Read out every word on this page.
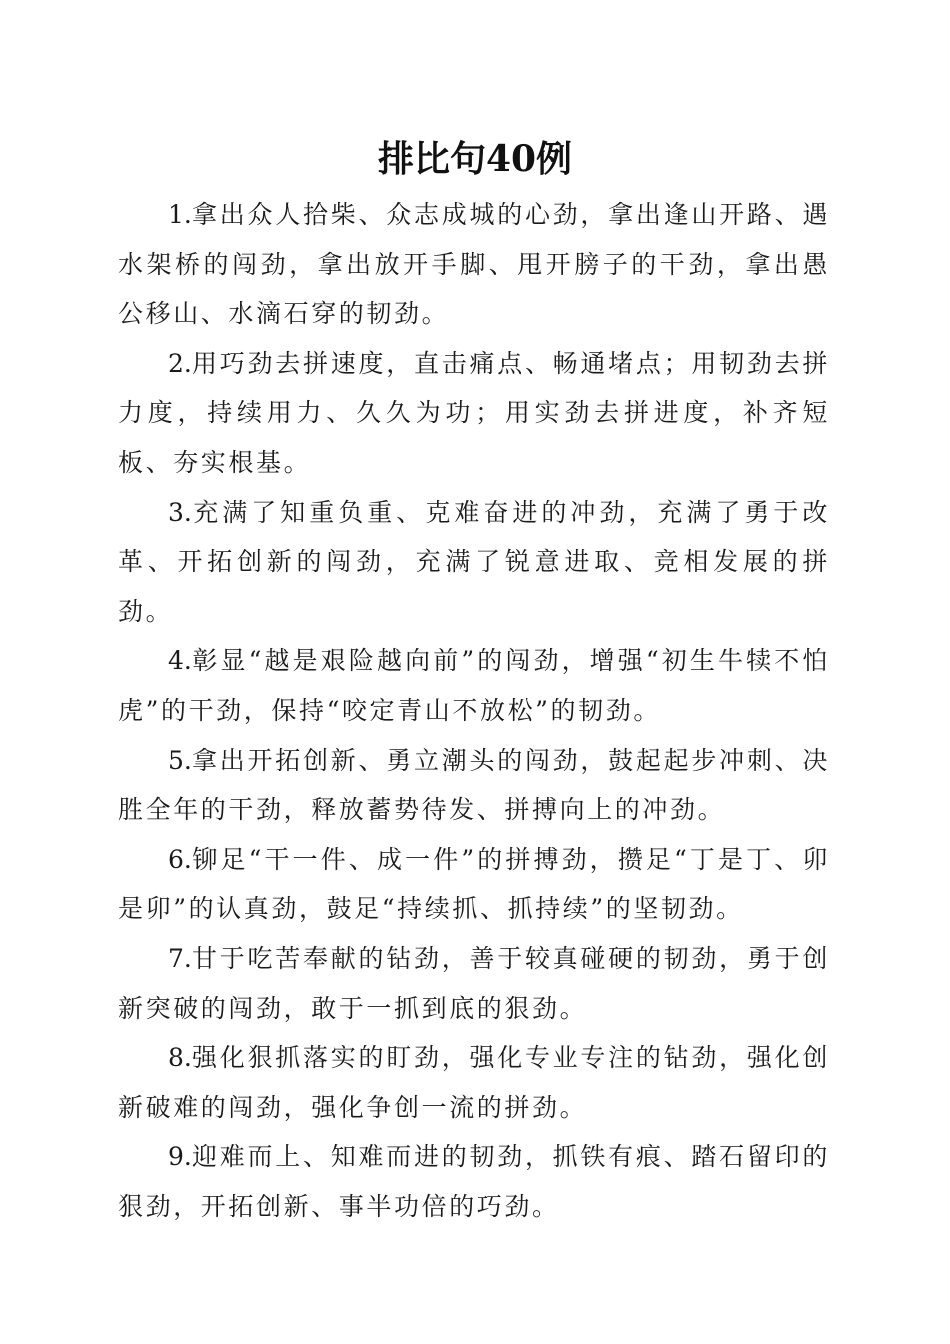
排比句40例

1.拿出众人拾柴、众志成城的心劲，拿出逢山开路、遇水架桥的闯劲，拿出放开手脚、甩开膀子的干劲，拿出愚公移山、水滴石穿的韧劲。

2.用巧劲去拼速度，直击痛点、畅通堵点；用韧劲去拼力度，持续用力、久久为功；用实劲去拼进度，补齐短板、夯实根基。

3.充满了知重负重、克难奋进的冲劲，充满了勇于改革、开拓创新的闯劲，充满了锐意进取、竞相发展的拼劲。

4.彰显“越是艰险越向前”的闯劲，增强“初生牛犊不怕虎”的干劲，保持“咬定青山不放松”的韧劲。

5.拿出开拓创新、勇立潮头的闯劲，鼓起起步冲刺、决胜全年的干劲，释放蓄势待发、拼搏向上的冲劲。

6.铆足“干一件、成一件”的拼搏劲，攒足“丁是丁、卯是卯”的认真劲，鼓足“持续抓、抓持续”的坚韧劲。

7.甘于吃苦奉献的钻劲，善于较真碰硬的韧劲，勇于创新突破的闯劲，敢于一抓到底的狠劲。

8.强化狠抓落实的盯劲，强化专业专注的钻劲，强化创新破难的闯劲，强化争创一流的拼劲。

9.迎难而上、知难而进的韧劲，抓铁有痕、踏石留印的狠劲，开拓创新、事半功倍的巧劲。
